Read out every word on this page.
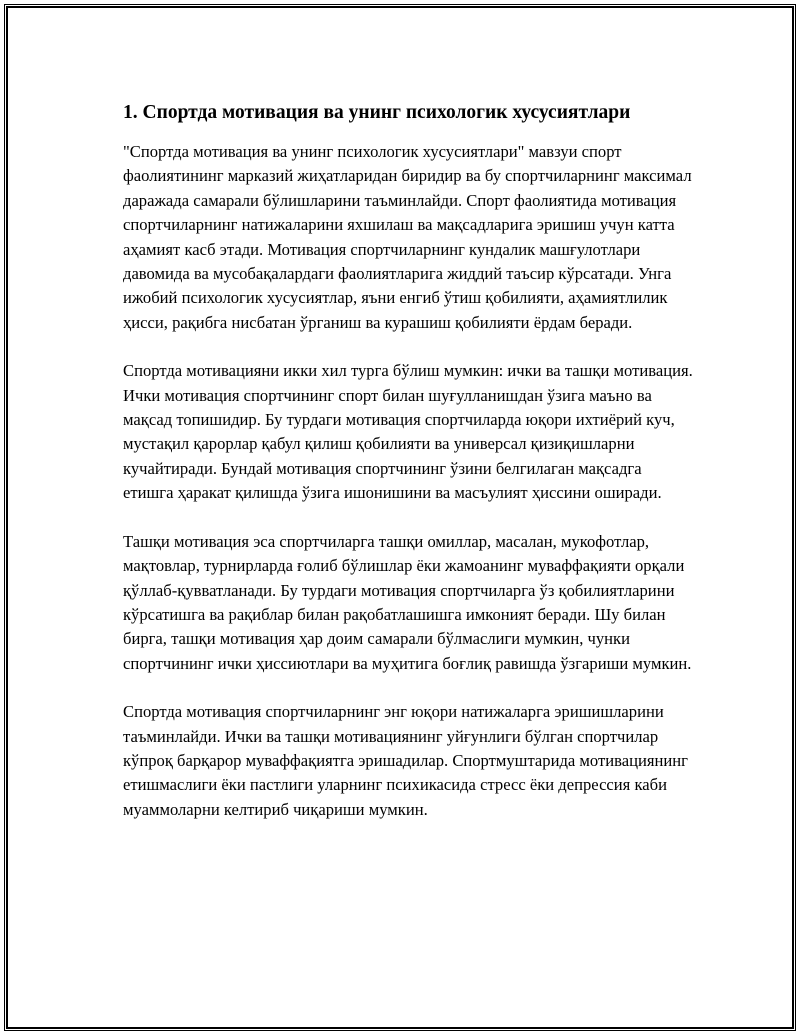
1. Спортда мотивация ва унинг психологик хусусиятлари

"Спортда мотивация ва унинг психологик хусусиятлари" мавзуи спорт фаолиятининг марказий жиҳатларидан биридир ва бу спортчиларнинг максимал даражада самарали бўлишларини таъминлайди. Спорт фаолиятида мотивация спортчиларнинг натижаларини яхшилаш ва мақсадларига эришиш учун катта аҳамият касб этади. Мотивация спортчиларнинг кундалик машғулотлари давомида ва мусобақалардаги фаолиятларига жиддий таъсир кўрсатади. Унга ижобий психологик хусусиятлар, яъни енгиб ўтиш қобилияти, аҳамиятлилик ҳисси, рақибга нисбатан ўрганиш ва курашиш қобилияти ёрдам беради.

Спортда мотивацияни икки хил турга бўлиш мумкин: ички ва ташқи мотивация. Ички мотивация спортчининг спорт билан шуғулланишдан ўзига маъно ва мақсад топишидир. Бу турдаги мотивация спортчиларда юқори ихтиёрий куч, мустақил қарорлар қабул қилиш қобилияти ва универсал қизиқишларни кучайтиради. Бундай мотивация спортчининг ўзини белгилаган мақсадга етишга ҳаракат қилишда ўзига ишонишини ва масъулият ҳиссини оширади.

Ташқи мотивация эса спортчиларга ташқи омиллар, масалан, мукофотлар, мақтовлар, турнирларда ғолиб бўлишлар ёки жамоанинг муваффақияти орқали қўллаб-қувватланади. Бу турдаги мотивация спортчиларга ўз қобилиятларини кўрсатишга ва рақиблар билан рақобатлашишга имконият беради. Шу билан бирга, ташқи мотивация ҳар доим самарали бўлмаслиги мумкин, чунки спортчининг ички ҳиссиютлари ва муҳитига боғлиқ равишда ўзгариши мумкин.

Спортда мотивация спортчиларнинг энг юқори натижаларга эришишларини таъминлайди. Ички ва ташқи мотивациянинг уйғунлиги бўлган спортчилар кўпроқ барқарор муваффақиятга эришадилар. Спортмуштарида мотивациянинг етишмаслиги ёки пастлиги уларнинг психикасида стресс ёки депрессия каби муаммоларни келтириб чиқариши мумкин.
